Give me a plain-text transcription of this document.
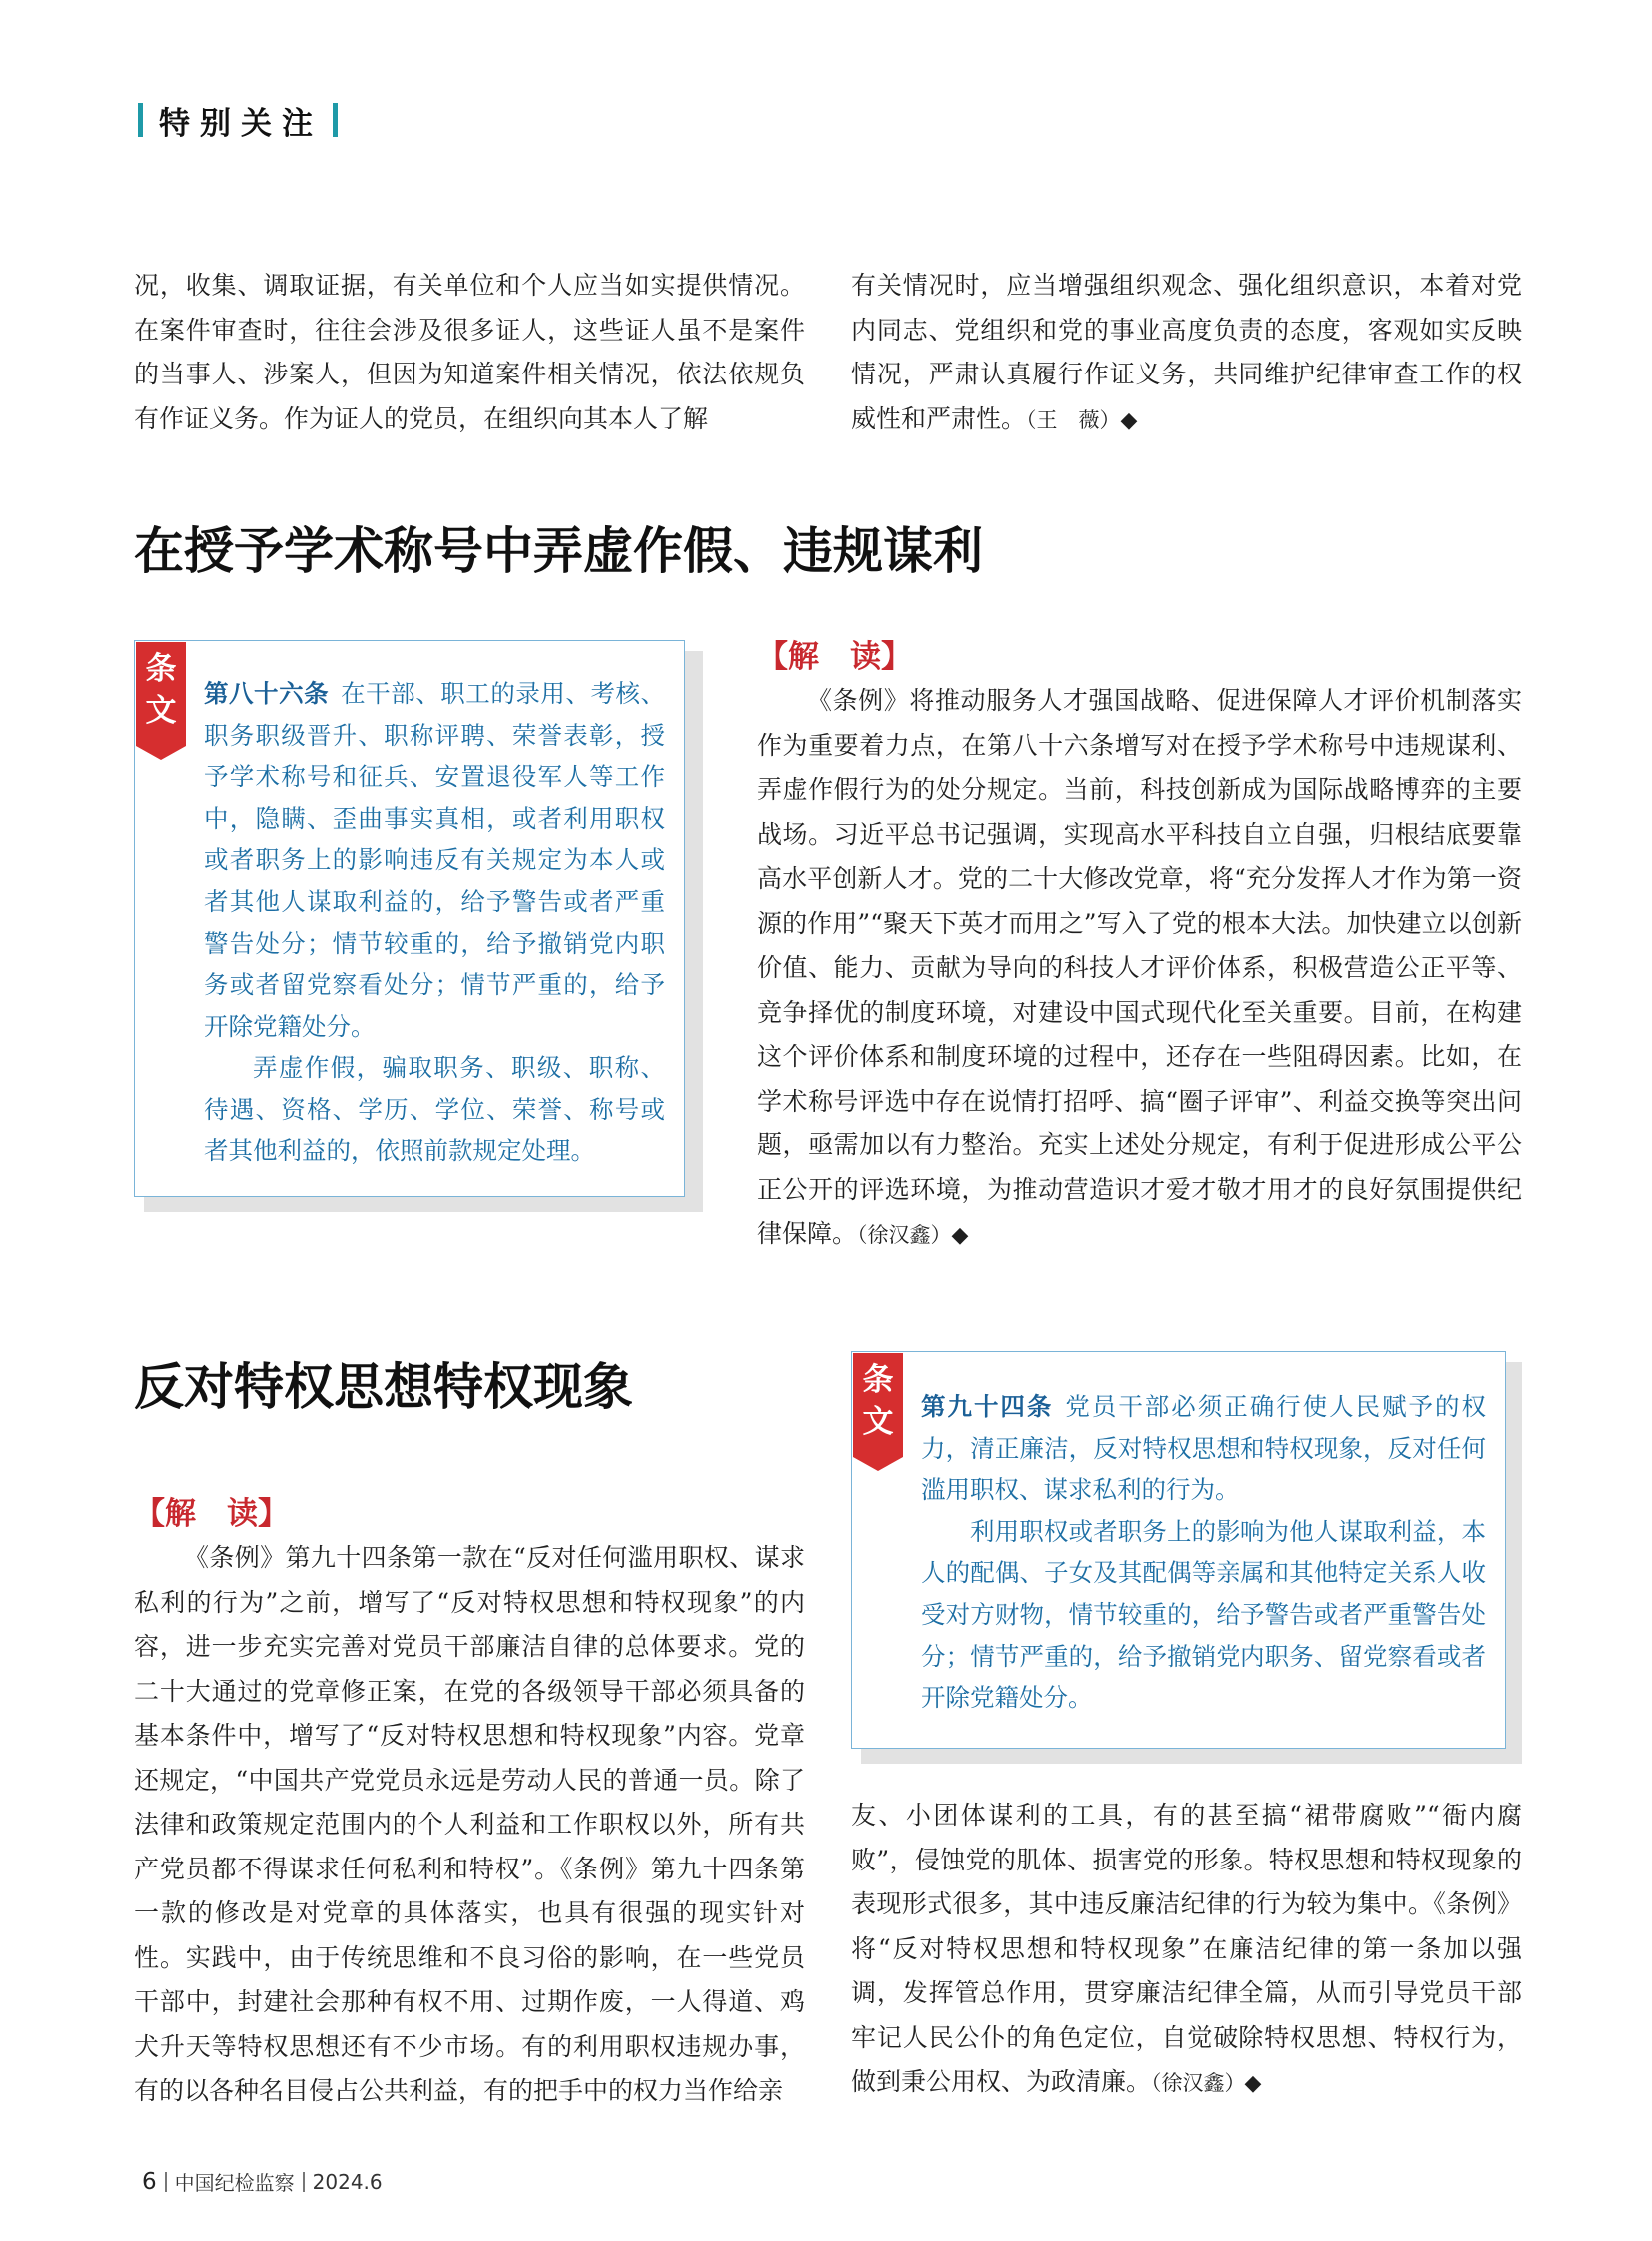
特别关注

况，收集、调取证据，有关单位和个人应当如实提供情况。在案件审查时，往往会涉及很多证人，这些证人虽不是案件的当事人、涉案人，但因为知道案件相关情况，依法依规负有作证义务。作为证人的党员，在组织向其本人了解

有关情况时，应当增强组织观念、强化组织意识，本着对党内同志、党组织和党的事业高度负责的态度，客观如实反映情况，严肃认真履行作证义务，共同维护纪律审查工作的权威性和严肃性。（王　薇）◆

在授予学术称号中弄虚作假、违规谋利
条
文	第八十六条 在干部、职工的录用、考核、职务职级晋升、职称评聘、荣誉表彰，授予学术称号和征兵、安置退役军人等工作中，隐瞒、歪曲事实真相，或者利用职权或者职务上的影响违反有关规定为本人或者其他人谋取利益的，给予警告或者严重警告处分；情节较重的，给予撤销党内职务或者留党察看处分；情节严重的，给予开除党籍处分。

弄虚作假，骗取职务、职级、职称、待遇、资格、学历、学位、荣誉、称号或者其他利益的，依照前款规定处理。

【解　读】

《条例》将推动服务人才强国战略、促进保障人才评价机制落实作为重要着力点，在第八十六条增写对在授予学术称号中违规谋利、弄虚作假行为的处分规定。当前，科技创新成为国际战略博弈的主要战场。习近平总书记强调，实现高水平科技自立自强，归根结底要靠高水平创新人才。党的二十大修改党章，将“充分发挥人才作为第一资源的作用”“聚天下英才而用之”写入了党的根本大法。加快建立以创新价值、能力、贡献为导向的科技人才评价体系，积极营造公正平等、竞争择优的制度环境，对建设中国式现代化至关重要。目前，在构建这个评价体系和制度环境的过程中，还存在一些阻碍因素。比如，在学术称号评选中存在说情打招呼、搞“圈子评审”、利益交换等突出问题，亟需加以有力整治。充实上述处分规定，有利于促进形成公平公正公开的评选环境，为推动营造识才爱才敬才用才的良好氛围提供纪律保障。（徐汉鑫）◆

反对特权思想特权现象
【解　读】

《条例》第九十四条第一款在“反对任何滥用职权、谋求私利的行为”之前，增写了“反对特权思想和特权现象”的内容，进一步充实完善对党员干部廉洁自律的总体要求。党的二十大通过的党章修正案，在党的各级领导干部必须具备的基本条件中，增写了“反对特权思想和特权现象”内容。党章还规定，“中国共产党党员永远是劳动人民的普通一员。除了法律和政策规定范围内的个人利益和工作职权以外，所有共产党员都不得谋求任何私利和特权”。《条例》第九十四条第一款的修改是对党章的具体落实，也具有很强的现实针对性。实践中，由于传统思维和不良习俗的影响，在一些党员干部中，封建社会那种有权不用、过期作废，一人得道、鸡犬升天等特权思想还有不少市场。有的利用职权违规办事，有的以各种名目侵占公共利益，有的把手中的权力当作给亲

条
文	第九十四条 党员干部必须正确行使人民赋予的权力，清正廉洁，反对特权思想和特权现象，反对任何滥用职权、谋求私利的行为。

利用职权或者职务上的影响为他人谋取利益，本人的配偶、子女及其配偶等亲属和其他特定关系人收受对方财物，情节较重的，给予警告或者严重警告处分；情节严重的，给予撤销党内职务、留党察看或者开除党籍处分。

友、小团体谋利的工具，有的甚至搞“裙带腐败”“衙内腐败”，侵蚀党的肌体、损害党的形象。特权思想和特权现象的表现形式很多，其中违反廉洁纪律的行为较为集中。《条例》将“反对特权思想和特权现象”在廉洁纪律的第一条加以强调，发挥管总作用，贯穿廉洁纪律全篇，从而引导党员干部牢记人民公仆的角色定位，自觉破除特权思想、特权行为，做到秉公用权、为政清廉。（徐汉鑫）◆

6 中国纪检监察 2024.6
